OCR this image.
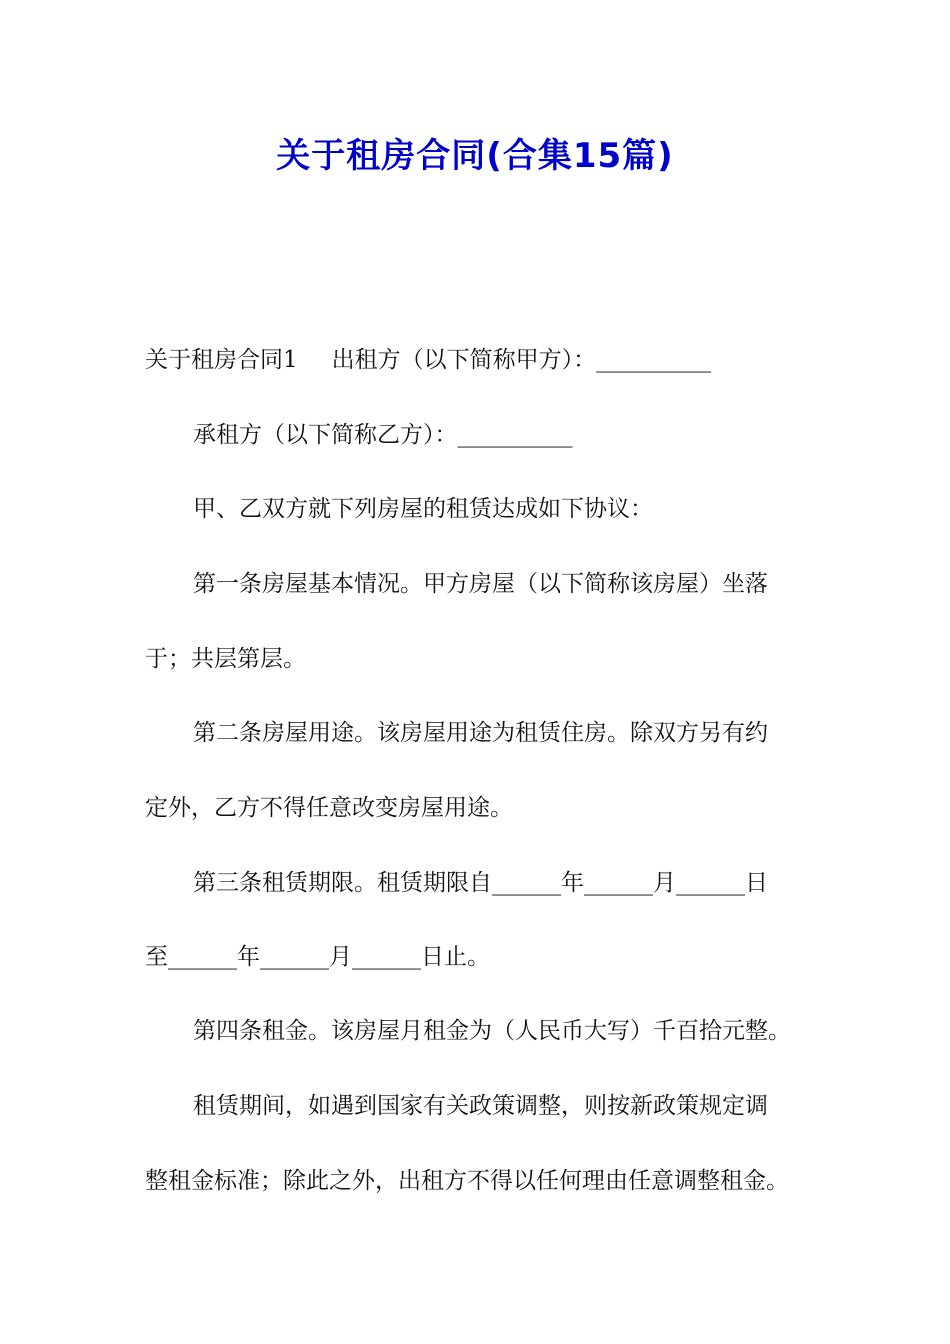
关于租房合同(合集15篇)
关于租房合同1 出租方（以下简称甲方）：__________
承租方（以下简称乙方）：__________
甲、乙双方就下列房屋的租赁达成如下协议：
第一条房屋基本情况。甲方房屋（以下简称该房屋）坐落
于；共层第层。
第二条房屋用途。该房屋用途为租赁住房。除双方另有约
定外，乙方不得任意改变房屋用途。
第三条租赁期限。租赁期限自______年______月______日
至______年______月______日止。
第四条租金。该房屋月租金为（人民币大写）千百拾元整。
租赁期间，如遇到国家有关政策调整，则按新政策规定调
整租金标准；除此之外，出租方不得以任何理由任意调整租金。
